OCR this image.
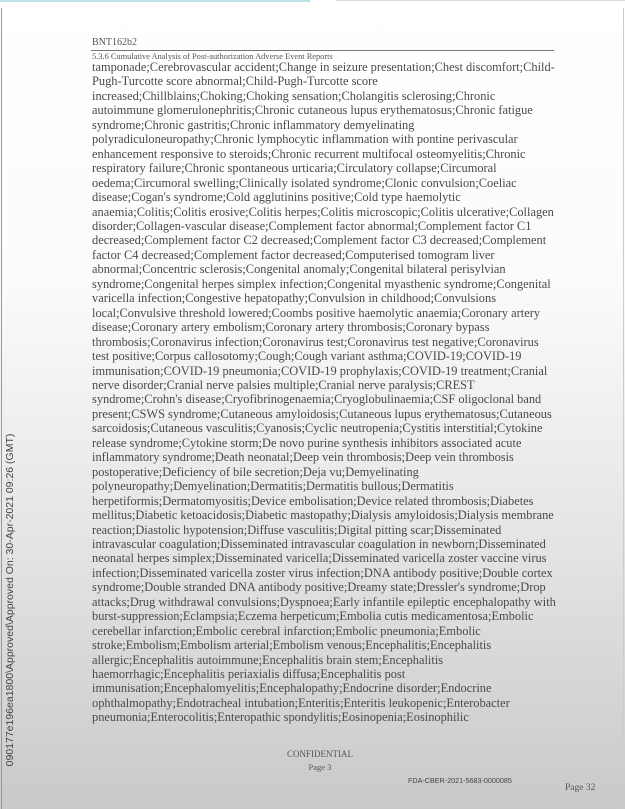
090177e196ea1800\Approved\Approved On: 30-Apr-2021 09:26 (GMT)
BNT162b2
5.3.6 Cumulative Analysis of Post-authorization Adverse Event Reports
tamponade;Cerebrovascular accident;Change in seizure presentation;Chest discomfort;Child-
Pugh-Turcotte score abnormal;Child-Pugh-Turcotte score
increased;Chillblains;Choking;Choking sensation;Cholangitis sclerosing;Chronic
autoimmune glomerulonephritis;Chronic cutaneous lupus erythematosus;Chronic fatigue
syndrome;Chronic gastritis;Chronic inflammatory demyelinating
polyradiculoneuropathy;Chronic lymphocytic inflammation with pontine perivascular
enhancement responsive to steroids;Chronic recurrent multifocal osteomyelitis;Chronic
respiratory failure;Chronic spontaneous urticaria;Circulatory collapse;Circumoral
oedema;Circumoral swelling;Clinically isolated syndrome;Clonic convulsion;Coeliac
disease;Cogan's syndrome;Cold agglutinins positive;Cold type haemolytic
anaemia;Colitis;Colitis erosive;Colitis herpes;Colitis microscopic;Colitis ulcerative;Collagen
disorder;Collagen-vascular disease;Complement factor abnormal;Complement factor C1
decreased;Complement factor C2 decreased;Complement factor C3 decreased;Complement
factor C4 decreased;Complement factor decreased;Computerised tomogram liver
abnormal;Concentric sclerosis;Congenital anomaly;Congenital bilateral perisylvian
syndrome;Congenital herpes simplex infection;Congenital myasthenic syndrome;Congenital
varicella infection;Congestive hepatopathy;Convulsion in childhood;Convulsions
local;Convulsive threshold lowered;Coombs positive haemolytic anaemia;Coronary artery
disease;Coronary artery embolism;Coronary artery thrombosis;Coronary bypass
thrombosis;Coronavirus infection;Coronavirus test;Coronavirus test negative;Coronavirus
test positive;Corpus callosotomy;Cough;Cough variant asthma;COVID-19;COVID-19
immunisation;COVID-19 pneumonia;COVID-19 prophylaxis;COVID-19 treatment;Cranial
nerve disorder;Cranial nerve palsies multiple;Cranial nerve paralysis;CREST
syndrome;Crohn's disease;Cryofibrinogenaemia;Cryoglobulinaemia;CSF oligoclonal band
present;CSWS syndrome;Cutaneous amyloidosis;Cutaneous lupus erythematosus;Cutaneous
sarcoidosis;Cutaneous vasculitis;Cyanosis;Cyclic neutropenia;Cystitis interstitial;Cytokine
release syndrome;Cytokine storm;De novo purine synthesis inhibitors associated acute
inflammatory syndrome;Death neonatal;Deep vein thrombosis;Deep vein thrombosis
postoperative;Deficiency of bile secretion;Deja vu;Demyelinating
polyneuropathy;Demyelination;Dermatitis;Dermatitis bullous;Dermatitis
herpetiformis;Dermatomyositis;Device embolisation;Device related thrombosis;Diabetes
mellitus;Diabetic ketoacidosis;Diabetic mastopathy;Dialysis amyloidosis;Dialysis membrane
reaction;Diastolic hypotension;Diffuse vasculitis;Digital pitting scar;Disseminated
intravascular coagulation;Disseminated intravascular coagulation in newborn;Disseminated
neonatal herpes simplex;Disseminated varicella;Disseminated varicella zoster vaccine virus
infection;Disseminated varicella zoster virus infection;DNA antibody positive;Double cortex
syndrome;Double stranded DNA antibody positive;Dreamy state;Dressler's syndrome;Drop
attacks;Drug withdrawal convulsions;Dyspnoea;Early infantile epileptic encephalopathy with
burst-suppression;Eclampsia;Eczema herpeticum;Embolia cutis medicamentosa;Embolic
cerebellar infarction;Embolic cerebral infarction;Embolic pneumonia;Embolic
stroke;Embolism;Embolism arterial;Embolism venous;Encephalitis;Encephalitis
allergic;Encephalitis autoimmune;Encephalitis brain stem;Encephalitis
haemorrhagic;Encephalitis periaxialis diffusa;Encephalitis post
immunisation;Encephalomyelitis;Encephalopathy;Endocrine disorder;Endocrine
ophthalmopathy;Endotracheal intubation;Enteritis;Enteritis leukopenic;Enterobacter
pneumonia;Enterocolitis;Enteropathic spondylitis;Eosinopenia;Eosinophilic
CONFIDENTIAL
Page 3
FDA-CBER-2021-5683-0000085
Page 32
